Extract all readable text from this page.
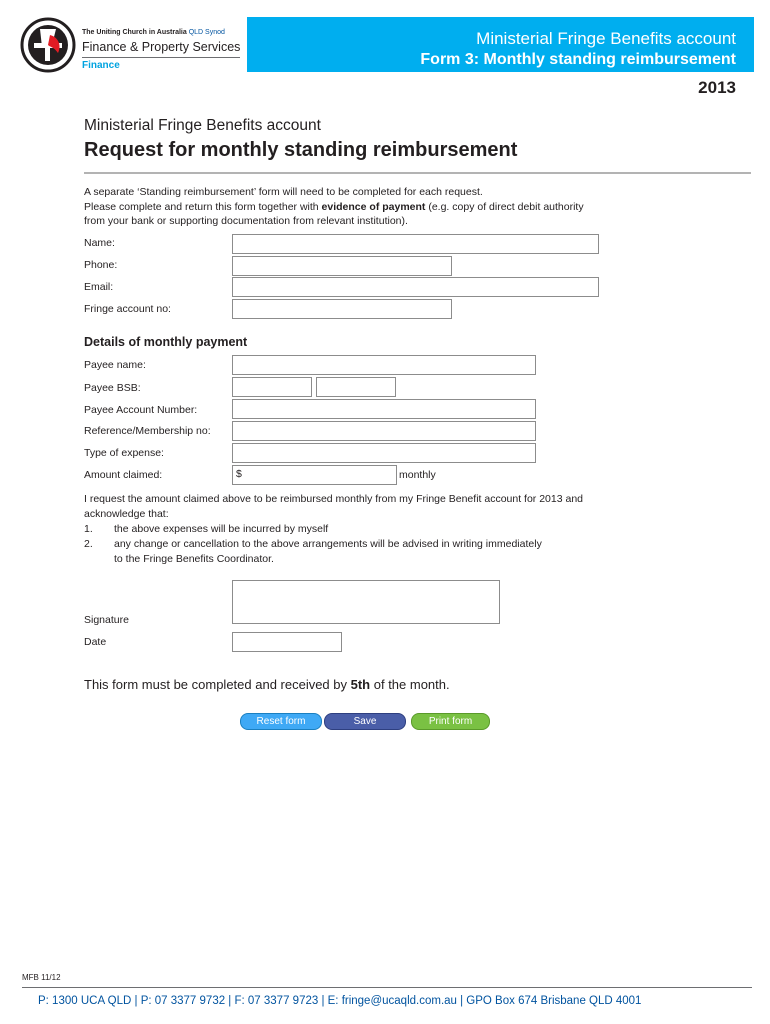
The Uniting Church in Australia QLD Synod
Finance & Property Services
Finance
Ministerial Fringe Benefits account
Form 3: Monthly standing reimbursement
2013
Ministerial Fringe Benefits account
Request for monthly standing reimbursement

A separate ‘Standing reimbursement’ form will need to be completed for each request.

Please complete and return this form together with evidence of payment (e.g. copy of direct debit authority

from your bank or supporting documentation from relevant institution).

Name:
Phone:
Email:
Fringe account no:
Details of monthly payment
Payee name:
Payee BSB:
Payee Account Number:
Reference/Membership no:
Type of expense:
Amount claimed:	$	monthly

I request the amount claimed above to be reimbursed monthly from my Fringe Benefit account for 2013 and

acknowledge that:

1.	the above expenses will be incurred by myself
2.	any change or cancellation to the above arrangements will be advised in writing immediately
to the Fringe Benefits Coordinator.
Signature
Date
This form must be completed and received by 5th of the month.
Reset form	Save	Print form
MFB 11/12
P: 1300 UCA QLD | P: 07 3377 9732 | F: 07 3377 9723 | E: fringe@ucaqld.com.au | GPO Box 674 Brisbane QLD 4001
